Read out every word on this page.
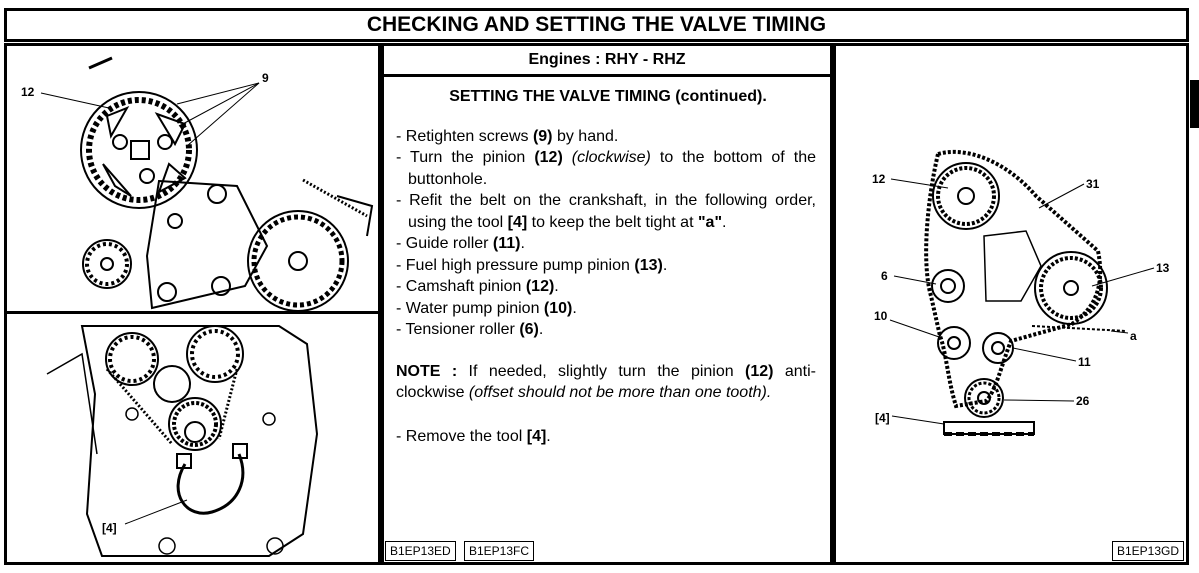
CHECKING AND SETTING THE VALVE TIMING
12
9
[4]
Engines : RHY - RHZ
SETTING THE VALVE TIMING (continued).
- Retighten screws (9) by hand.
- Turn the pinion (12) (clockwise) to the bottom of the buttonhole.
- Refit the belt on the crankshaft, in the following order, using the tool [4] to keep the belt tight at "a".
- Guide roller (11).
- Fuel high pressure pump pinion (13).
- Camshaft pinion (12).
- Water pump pinion (10).
- Tensioner roller (6).
NOTE : If needed, slightly turn the pinion (12) anti-clockwise (offset should not be more than one tooth).
- Remove the tool [4].
12	31
13
6
10
a
11
[4]
26
B1EP13ED	B1EP13FC	B1EP13GD
